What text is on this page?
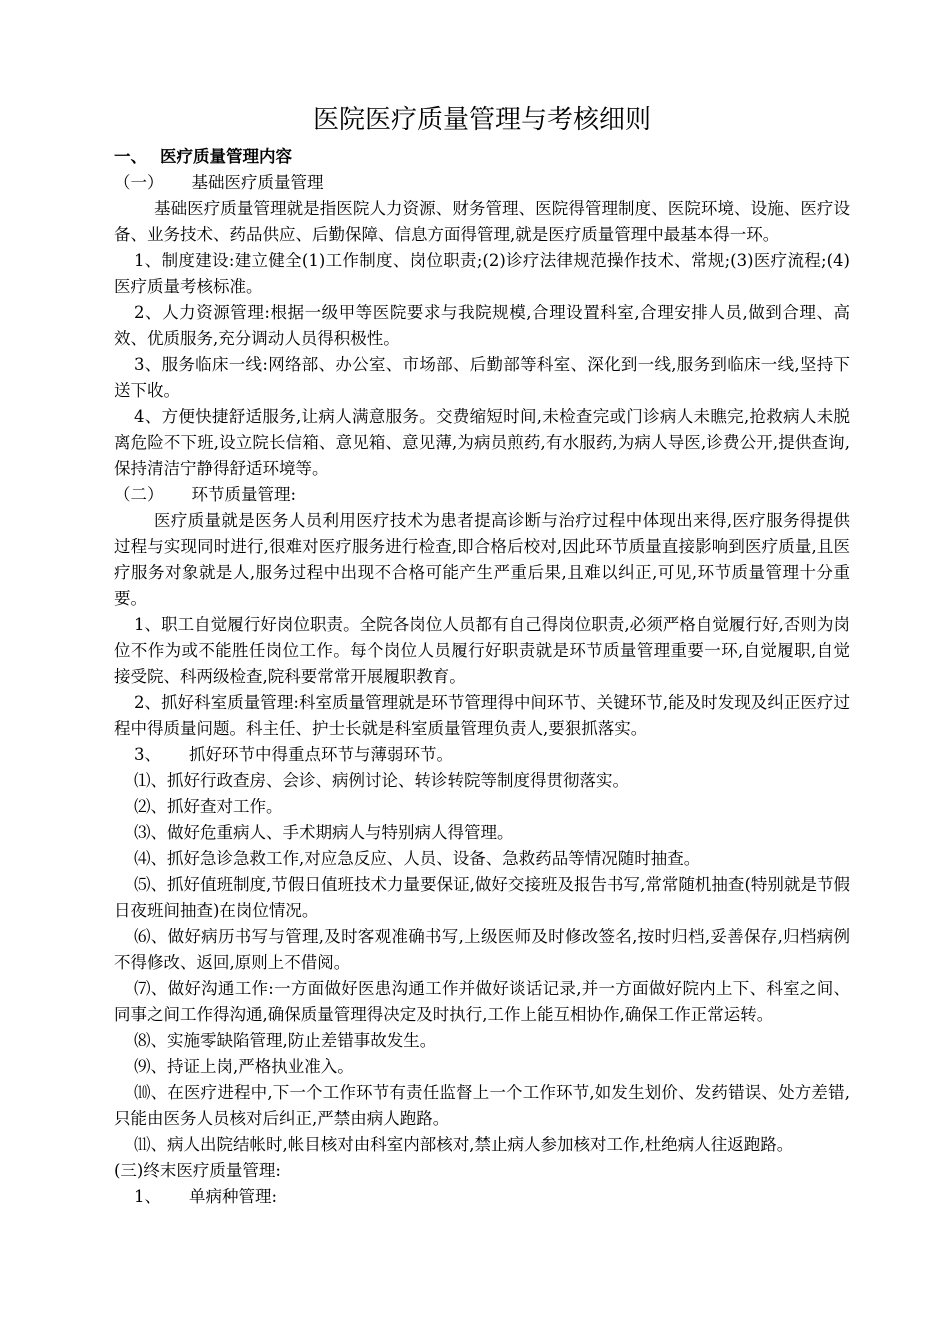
医院医疗质量管理与考核细则

一、 医疗质量管理内容

（一） 基础医疗质量管理

基础医疗质量管理就是指医院人力资源、财务管理、医院得管理制度、医院环境、设施、医疗设备、业务技术、药品供应、后勤保障、信息方面得管理,就是医疗质量管理中最基本得一环。

1、制度建设:建立健全(1)工作制度、岗位职责;(2)诊疗法律规范操作技术、常规;(3)医疗流程;(4)医疗质量考核标准。

2、人力资源管理:根据一级甲等医院要求与我院规模,合理设置科室,合理安排人员,做到合理、高效、优质服务,充分调动人员得积极性。

3、服务临床一线:网络部、办公室、市场部、后勤部等科室、深化到一线,服务到临床一线,坚持下送下收。

4、方便快捷舒适服务,让病人满意服务。交费缩短时间,未检查完或门诊病人未瞧完,抢救病人未脱离危险不下班,设立院长信箱、意见箱、意见薄,为病员煎药,有水服药,为病人导医,诊费公开,提供查询,保持清洁宁静得舒适环境等。

（二） 环节质量管理:

医疗质量就是医务人员利用医疗技术为患者提高诊断与治疗过程中体现出来得,医疗服务得提供过程与实现同时进行,很难对医疗服务进行检查,即合格后校对,因此环节质量直接影响到医疗质量,且医疗服务对象就是人,服务过程中出现不合格可能产生严重后果,且难以纠正,可见,环节质量管理十分重要。

1、职工自觉履行好岗位职责。全院各岗位人员都有自己得岗位职责,必须严格自觉履行好,否则为岗位不作为或不能胜任岗位工作。每个岗位人员履行好职责就是环节质量管理重要一环,自觉履职,自觉接受院、科两级检查,院科要常常开展履职教育。

2、抓好科室质量管理:科室质量管理就是环节管理得中间环节、关键环节,能及时发现及纠正医疗过程中得质量问题。科主任、护士长就是科室质量管理负责人,要狠抓落实。

3、 抓好环节中得重点环节与薄弱环节。

⑴、抓好行政查房、会诊、病例讨论、转诊转院等制度得贯彻落实。

⑵、抓好查对工作。

⑶、做好危重病人、手术期病人与特别病人得管理。

⑷、抓好急诊急救工作,对应急反应、人员、设备、急救药品等情况随时抽查。

⑸、抓好值班制度,节假日值班技术力量要保证,做好交接班及报告书写,常常随机抽查(特别就是节假日夜班间抽查)在岗位情况。

⑹、做好病历书写与管理,及时客观准确书写,上级医师及时修改签名,按时归档,妥善保存,归档病例不得修改、返回,原则上不借阅。

⑺、做好沟通工作:一方面做好医患沟通工作并做好谈话记录,并一方面做好院内上下、科室之间、同事之间工作得沟通,确保质量管理得决定及时执行,工作上能互相协作,确保工作正常运转。

⑻、实施零缺陷管理,防止差错事故发生。

⑼、持证上岗,严格执业准入。

⑽、在医疗进程中,下一个工作环节有责任监督上一个工作环节,如发生划价、发药错误、处方差错,只能由医务人员核对后纠正,严禁由病人跑路。

⑾、病人出院结帐时,帐目核对由科室内部核对,禁止病人参加核对工作,杜绝病人往返跑路。

(三)终末医疗质量管理:

1、 单病种管理:
